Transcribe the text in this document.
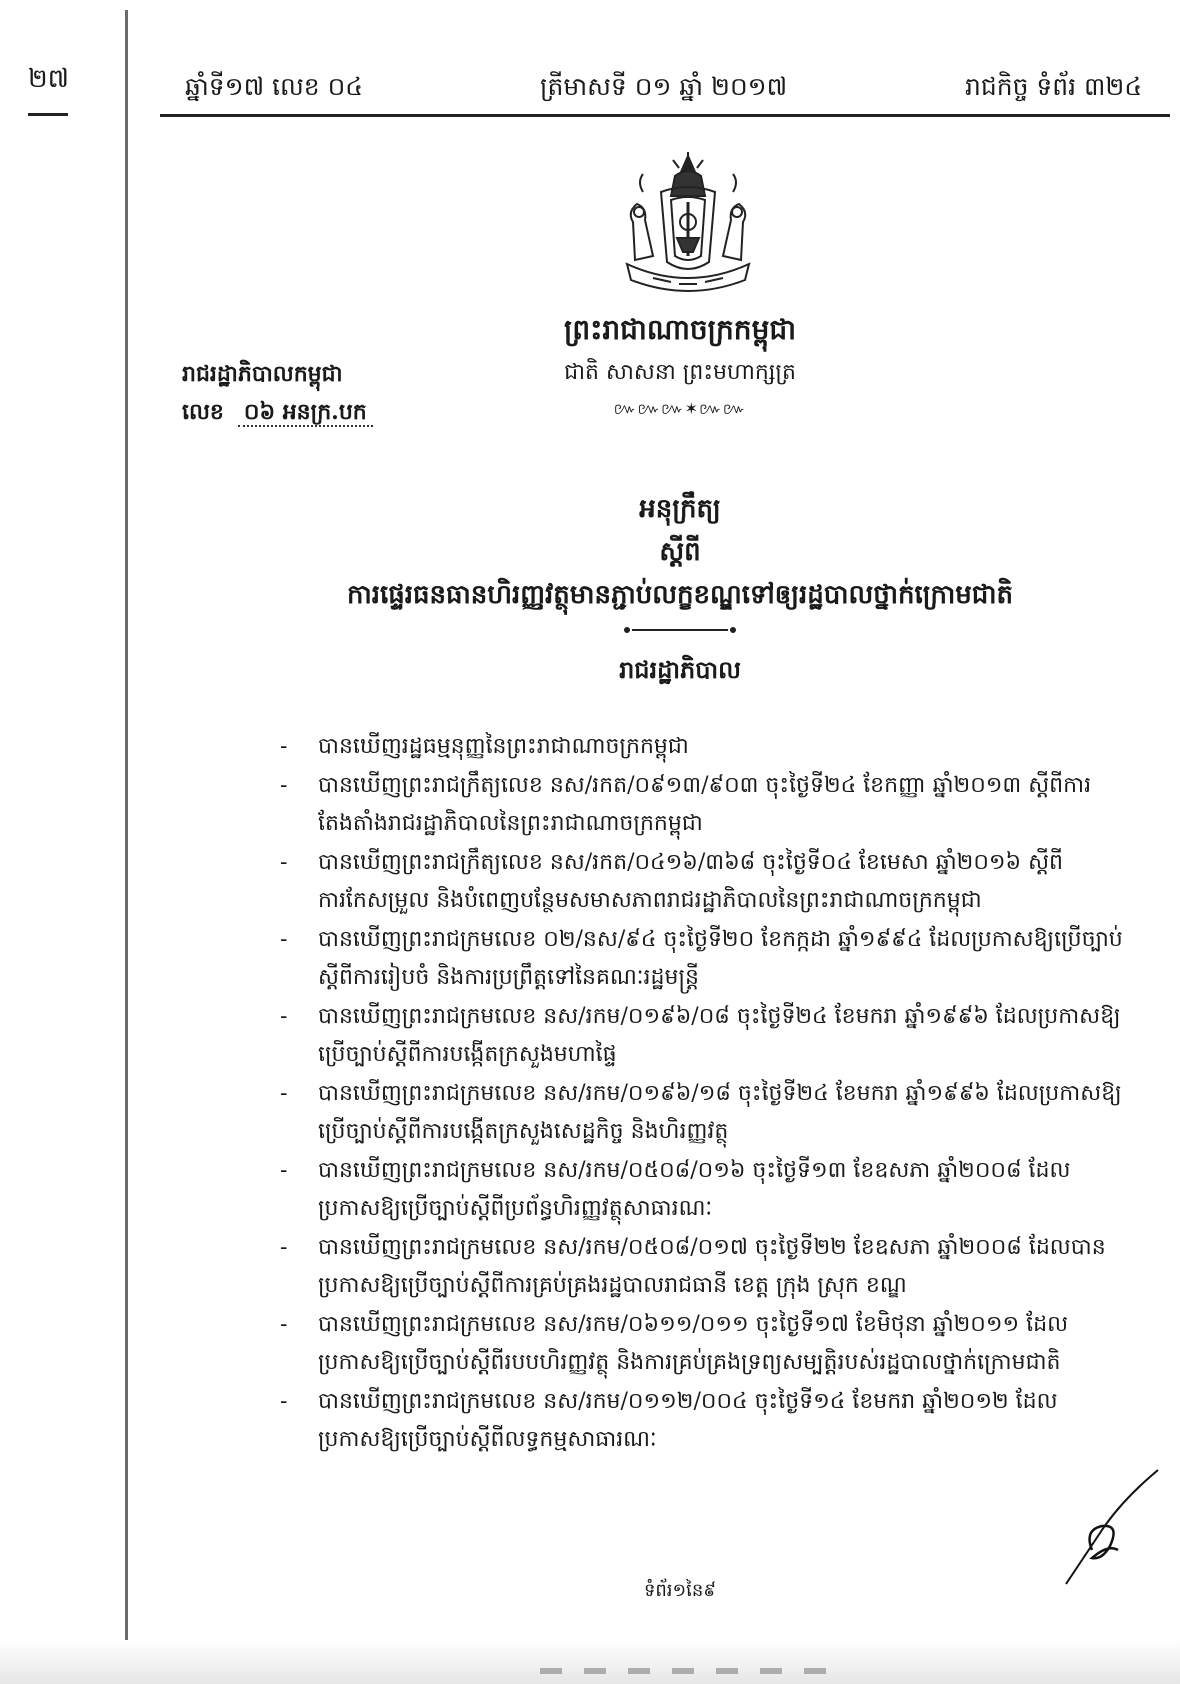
២៧	ឆ្នាំទី១៧ លេខ ០៤	ត្រីមាសទី ០១ ឆ្នាំ ២០១៧	រាជកិច្ច ទំព័រ ៣២៤
ព្រះរាជាណាចក្រកម្ពុជា
ជាតិ សាសនា ព្រះមហាក្សត្រ
៚៚៚✶៚៚
រាជរដ្ឋាភិបាលកម្ពុជា
លេខ ០៦ អនក្រ.បក
អនុក្រឹត្យ
ស្តីពី
ការផ្ទេរធនធានហិរញ្ញវត្ថុមានភ្ជាប់លក្ខខណ្ឌទៅឲ្យរដ្ឋបាលថ្នាក់ក្រោមជាតិ
រាជរដ្ឋាភិបាល
- បានឃើញរដ្ឋធម្មនុញ្ញនៃព្រះរាជាណាចក្រកម្ពុជា
- បានឃើញព្រះរាជក្រឹត្យលេខ នស/រកត/០៩១៣/៩០៣ ចុះថ្ងៃទី២៤ ខែកញ្ញា ឆ្នាំ២០១៣ ស្តីពីការតែងតាំងរាជរដ្ឋាភិបាលនៃព្រះរាជាណាចក្រកម្ពុជា
- បានឃើញព្រះរាជក្រឹត្យលេខ នស/រកត/០៤១៦/៣៦៨ ចុះថ្ងៃទី០៤ ខែមេសា ឆ្នាំ២០១៦ ស្តីពីការកែសម្រួល និងបំពេញបន្ថែមសមាសភាពរាជរដ្ឋាភិបាលនៃព្រះរាជាណាចក្រកម្ពុជា
- បានឃើញព្រះរាជក្រមលេខ ០២/នស/៩៤ ចុះថ្ងៃទី២០ ខែកក្កដា ឆ្នាំ១៩៩៤ ដែលប្រកាសឱ្យប្រើច្បាប់ស្តីពីការរៀបចំ និងការប្រព្រឹត្តទៅនៃគណៈរដ្ឋមន្ត្រី
- បានឃើញព្រះរាជក្រមលេខ នស/រកម/០១៩៦/០៨ ចុះថ្ងៃទី២៤ ខែមករា ឆ្នាំ១៩៩៦ ដែលប្រកាសឱ្យប្រើច្បាប់ស្តីពីការបង្កើតក្រសួងមហាផ្ទៃ
- បានឃើញព្រះរាជក្រមលេខ នស/រកម/០១៩៦/១៨ ចុះថ្ងៃទី២៤ ខែមករា ឆ្នាំ១៩៩៦ ដែលប្រកាសឱ្យប្រើច្បាប់ស្តីពីការបង្កើតក្រសួងសេដ្ឋកិច្ច និងហិរញ្ញវត្ថុ
- បានឃើញព្រះរាជក្រមលេខ នស/រកម/០៥០៨/០១៦ ចុះថ្ងៃទី១៣ ខែឧសភា ឆ្នាំ២០០៨ ដែលប្រកាសឱ្យប្រើច្បាប់ស្តីពីប្រព័ន្ធហិរញ្ញវត្ថុសាធារណៈ
- បានឃើញព្រះរាជក្រមលេខ នស/រកម/០៥០៨/០១៧ ចុះថ្ងៃទី២២ ខែឧសភា ឆ្នាំ២០០៨ ដែលបានប្រកាសឱ្យប្រើច្បាប់ស្តីពីការគ្រប់គ្រងរដ្ឋបាលរាជធានី ខេត្ត ក្រុង ស្រុក ខណ្ឌ
- បានឃើញព្រះរាជក្រមលេខ នស/រកម/០៦១១/០១១ ចុះថ្ងៃទី១៧ ខែមិថុនា ឆ្នាំ២០១១ ដែលប្រកាសឱ្យប្រើច្បាប់ស្តីពីរបបហិរញ្ញវត្ថុ និងការគ្រប់គ្រងទ្រព្យសម្បត្តិរបស់រដ្ឋបាលថ្នាក់ក្រោមជាតិ
- បានឃើញព្រះរាជក្រមលេខ នស/រកម/០១១២/០០៤ ចុះថ្ងៃទី១៤ ខែមករា ឆ្នាំ២០១២ ដែលប្រកាសឱ្យប្រើច្បាប់ស្តីពីលទ្ធកម្មសាធារណៈ
ទំព័រ១នៃ៩
